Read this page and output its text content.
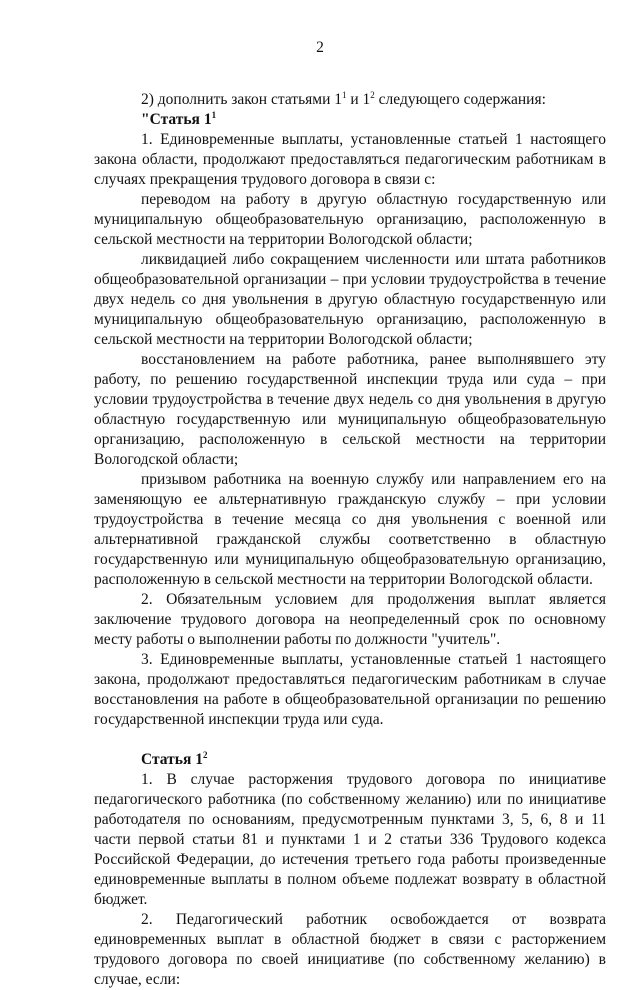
2

2) дополнить закон статьями $1^1$ и $1^2$ следующего содержания:

"Статья $1^1$

1. Единовременные выплаты, установленные статьей 1 настоящего закона области, продолжают предоставляться педагогическим работникам в случаях прекращения трудового договора в связи с:

переводом на работу в другую областную государственную или муниципальную общеобразовательную организацию, расположенную в сельской местности на территории Вологодской области;

ликвидацией либо сокращением численности или штата работников общеобразовательной организации – при условии трудоустройства в течение двух недель со дня увольнения в другую областную государственную или муниципальную общеобразовательную организацию, расположенную в сельской местности на территории Вологодской области;

восстановлением на работе работника, ранее выполнявшего эту работу, по решению государственной инспекции труда или суда – при условии трудоустройства в течение двух недель со дня увольнения в другую областную государственную или муниципальную общеобразовательную организацию, расположенную в сельской местности на территории Вологодской области;

призывом работника на военную службу или направлением его на заменяющую ее альтернативную гражданскую службу – при условии трудоустройства в течение месяца со дня увольнения с военной или альтернативной гражданской службы соответственно в областную государственную или муниципальную общеобразовательную организацию, расположенную в сельской местности на территории Вологодской области.

2. Обязательным условием для продолжения выплат является заключение трудового договора на неопределенный срок по основному месту работы о выполнении работы по должности "учитель".

3. Единовременные выплаты, установленные статьей 1 настоящего закона, продолжают предоставляться педагогическим работникам в случае восстановления на работе в общеобразовательной организации по решению государственной инспекции труда или суда.

Статья $1^2$

1. В случае расторжения трудового договора по инициативе педагогического работника (по собственному желанию) или по инициативе работодателя по основаниям, предусмотренным пунктами 3, 5, 6, 8 и 11 части первой статьи 81 и пунктами 1 и 2 статьи 336 Трудового кодекса Российской Федерации, до истечения третьего года работы произведенные единовременные выплаты в полном объеме подлежат возврату в областной бюджет.

2. Педагогический работник освобождается от возврата единовременных выплат в областной бюджет в связи с расторжением трудового договора по своей инициативе (по собственному желанию) в случае, если:
